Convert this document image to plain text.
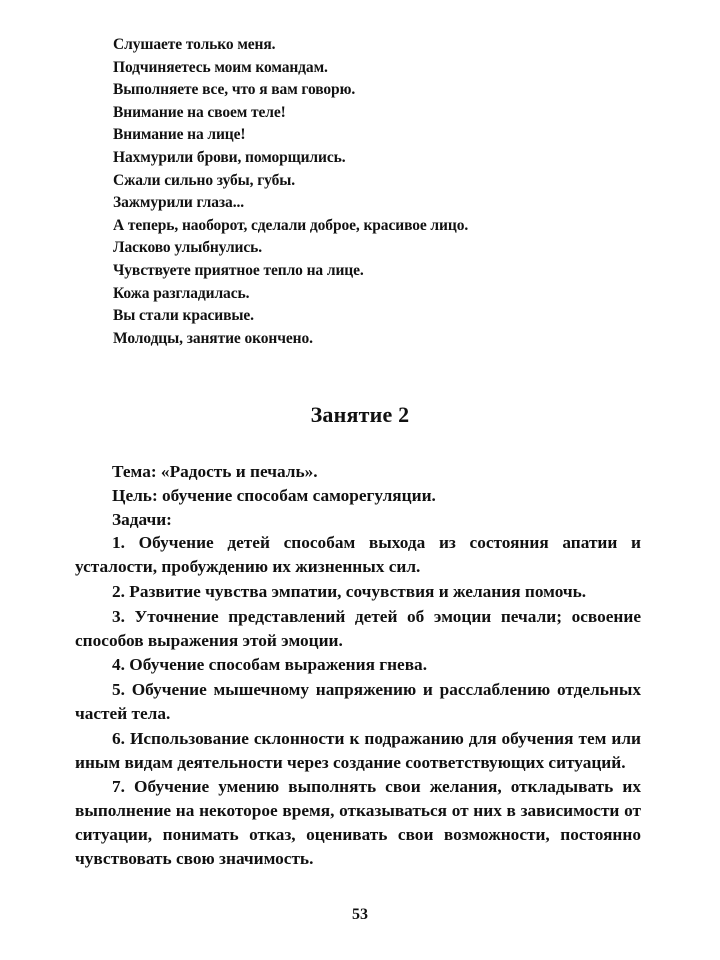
Слушаете только меня.
Подчиняетесь моим командам.
Выполняете все, что я вам говорю.
Внимание на своем теле!
Внимание на лице!
Нахмурили брови, поморщились.
Сжали сильно зубы, губы.
Зажмурили глаза...
А теперь, наоборот, сделали доброе, красивое лицо.
Ласково улыбнулись.
Чувствуете приятное тепло на лице.
Кожа разгладилась.
Вы стали красивые.
Молодцы, занятие окончено.
Занятие 2

Тема: «Радость и печаль».

Цель: обучение способам саморегуляции.

Задачи:

1. Обучение детей способам выхода из состояния апатии и усталости, пробуждению их жизненных сил.

2. Развитие чувства эмпатии, сочувствия и желания помочь.

3. Уточнение представлений детей об эмоции печали; освоение способов выражения этой эмоции.

4. Обучение способам выражения гнева.

5. Обучение мышечному напряжению и расслаблению отдельных частей тела.

6. Использование склонности к подражанию для обучения тем или иным видам деятельности через создание соответствующих ситуаций.

7. Обучение умению выполнять свои желания, откладывать их выполнение на некоторое время, отказываться от них в зависимости от ситуации, понимать отказ, оценивать свои возможности, постоянно чувствовать свою значимость.

53
